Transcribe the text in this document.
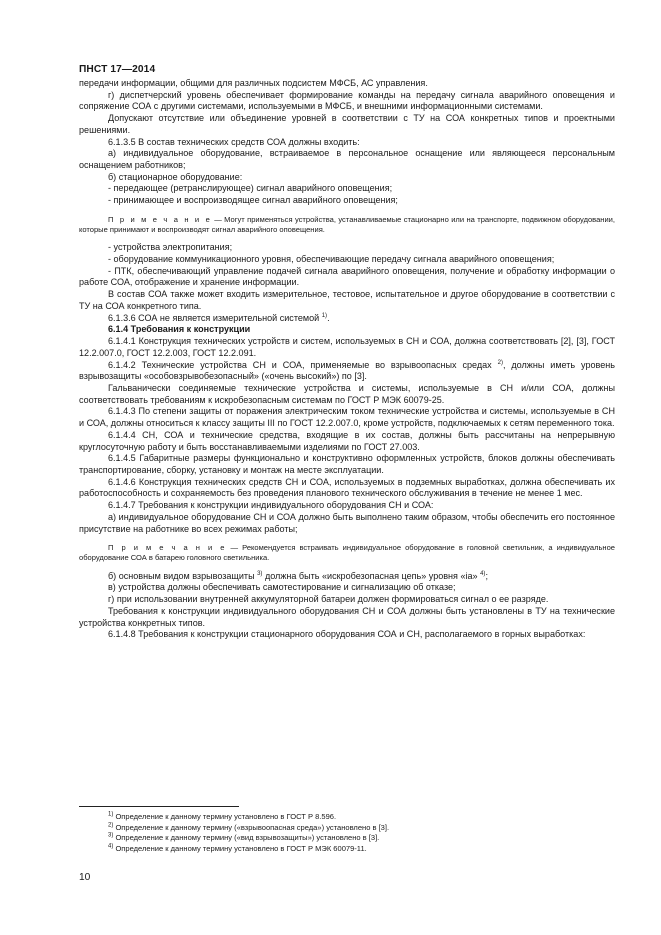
ПНСТ 17—2014

передачи информации, общими для различных подсистем МФСБ, АС управления.

г) диспетчерский уровень обеспечивает формирование команды на передачу сигнала аварийного оповещения и сопряжение СОА с другими системами, используемыми в МФСБ, и внешними информационными системами.

Допускают отсутствие или объединение уровней в соответствии с ТУ на СОА конкретных типов и проектными решениями.

6.1.3.5 В состав технических средств СОА должны входить:

а) индивидуальное оборудование, встраиваемое в персональное оснащение или являющееся персональным оснащением работников;

б) стационарное оборудование:

- передающее (ретранслирующее) сигнал аварийного оповещения;

- принимающее и воспроизводящее сигнал аварийного оповещения;

П р и м е ч а н и е — Могут применяться устройства, устанавливаемые стационарно или на транспорте, подвижном оборудовании, которые принимают и воспроизводят сигнал аварийного оповещения.

- устройства электропитания;

- оборудование коммуникационного уровня, обеспечивающие передачу сигнала аварийного оповещения;

- ПТК, обеспечивающий управление подачей сигнала аварийного оповещения, получение и обработку информации о работе СОА, отображение и хранение информации.

В состав СОА также может входить измерительное, тестовое, испытательное и другое оборудование в соответствии с ТУ на СОА конкретного типа.

6.1.3.6 СОА не является измерительной системой $^{1)}$.

6.1.4 Требования к конструкции

6.1.4.1 Конструкция технических устройств и систем, используемых в СН и СОА, должна соответствовать [2], [3], ГОСТ 12.2.007.0, ГОСТ 12.2.003, ГОСТ 12.2.091.

6.1.4.2 Технические устройства СН и СОА, применяемые во взрывоопасных средах $^{2)}$, должны иметь уровень взрывозащиты «особовзрывобезопасный» («очень высокий») по [3].

Гальванически соединяемые технические устройства и системы, используемые в СН и/или СОА, должны соответствовать требованиям к искробезопасным системам по ГОСТ Р МЭК 60079-25.

6.1.4.3 По степени защиты от поражения электрическим током технические устройства и системы, используемые в СН и СОА, должны относиться к классу защиты III по ГОСТ 12.2.007.0, кроме устройств, подключаемых к сетям переменного тока.

6.1.4.4 СН, СОА и технические средства, входящие в их состав, должны быть рассчитаны на непрерывную круглосуточную работу и быть восстанавливаемыми изделиями по ГОСТ 27.003.

6.1.4.5 Габаритные размеры функционально и конструктивно оформленных устройств, блоков должны обеспечивать транспортирование, сборку, установку и монтаж на месте эксплуатации.

6.1.4.6 Конструкция технических средств СН и СОА, используемых в подземных выработках, должна обеспечивать их работоспособность и сохраняемость без проведения планового технического обслуживания в течение не менее 1 мес.

6.1.4.7 Требования к конструкции индивидуального оборудования СН и СОА:

а) индивидуальное оборудование СН и СОА должно быть выполнено таким образом, чтобы обеспечить его постоянное присутствие на работнике во всех режимах работы;

П р и м е ч а н и е — Рекомендуется встраивать индивидуальное оборудование в головной светильник, а индивидуальное оборудование СОА в батарею головного светильника.

б) основным видом взрывозащиты $^{3)}$ должна быть «искробезопасная цепь» уровня «ia» $^{4)}$;

в) устройства должны обеспечивать самотестирование и сигнализацию об отказе;

г) при использовании внутренней аккумуляторной батареи должен формироваться сигнал о ее разряде.

Требования к конструкции индивидуального оборудования СН и СОА должны быть установлены в ТУ на технические устройства конкретных типов.

6.1.4.8 Требования к конструкции стационарного оборудования СОА и СН, располагаемого в горных выработках:

$^{1)}$ Определение к данному термину установлено в ГОСТ Р 8.596.

$^{2)}$ Определение к данному термину («взрывоопасная среда») установлено в [3].

$^{3)}$ Определение к данному термину («вид взрывозащиты») установлено в [3].

$^{4)}$ Определение к данному термину установлено в ГОСТ Р МЭК 60079-11.

10
